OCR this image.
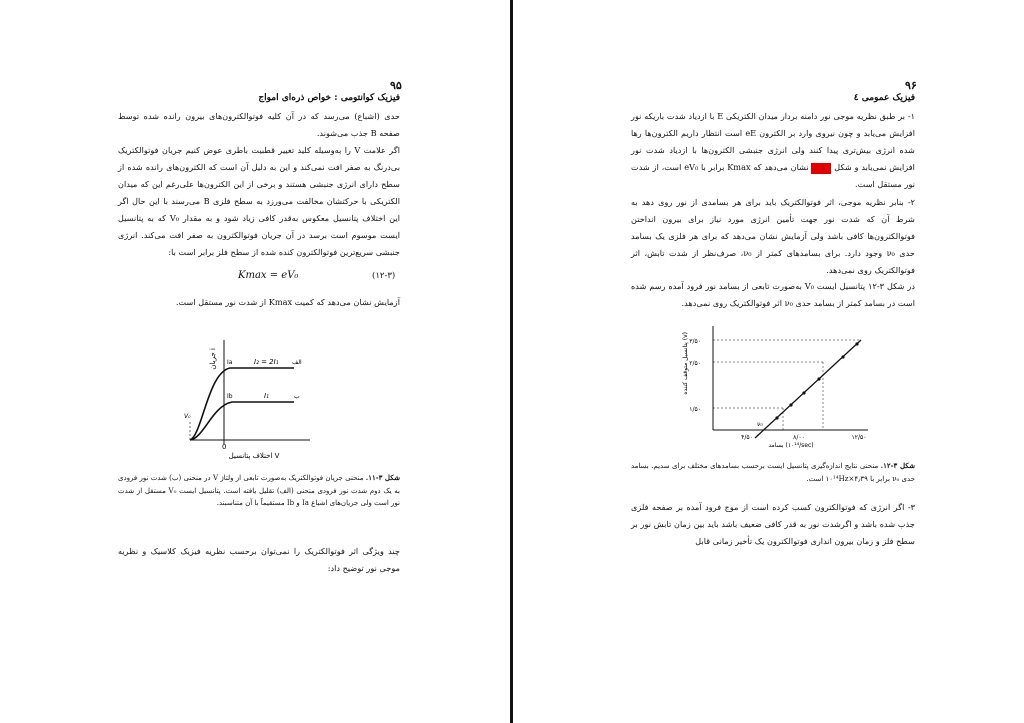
۹۵
فیزیک کوانتومی : خواص ذره‌ای امواج
حدی (اشباع) می‌رسد که در آن کلیه فوتوالکترون‌های بیرون رانده شده توسط صفحه B جذب می‌شوند.
اگر علامت V را به‌وسیله کلید تغییر قطبیت باطری عوض کنیم جریان فوتوالکتریک بی‌درنگ به صفر افت نمی‌کند و این به دلیل آن است که الکترون‌های رانده شده از سطح دارای انرژی جنبشی هستند و برخی از این الکترون‌ها علی‌رغم این که میدان الکتریکی با حرکتشان مخالفت می‌ورزد به سطح فلزی B می‌رسند با این حال اگر این اختلاف پتانسیل معکوس به‌قدر کافی زیاد شود و به مقدار V₀ که به پتانسیل ایست موسوم است برسد در آن جریان فوتوالکترون به صفر افت می‌کند. انرژی جنبشی سریع‌ترین فوتوالکترون کنده شده از سطح فلز برابر است با:
Kmax = eV₀	(۱۲-۳)
آزمایش نشان می‌دهد که کمیت Kmax از شدت نور مستقل است.
جریان i
Ia
Ib
I₂ = 2I₁
I₁
الف
ب
V₀
0
اختلاف پتانسیل V
شکل ۳-۱۱. منحنی جریان فوتوالکتریک به‌صورت تابعی از ولتاژ V در منحنی (ب) شدت نور فرودی به یک دوم شدت نور فرودی منحنی (الف) تقلیل یافته است. پتانسیل ایست V₀ مستقل از شدت نور است ولی جریان‌های اشباع Ia و Ib مستقیماً با آن متناسبند.
چند ویژگی اثر فوتوالکتریک را نمی‌توان برحسب نظریه فیزیک کلاسیک و نظریه موجی نور توضیح داد:
۹۶
فیزیک عمومی ٤
۱- بر طبق نظریه موجی نور دامنه بردار میدان الکتریکی E با ازدیاد شدت باریکه نور افزایش می‌یابد و چون نیروی وارد بر الکترون eE است انتظار داریم الکترون‌ها رها شده انرژی بیش‌تری پیدا کنند ولی انرژی جنبشی الکترون‌ها با ازدیاد شدت نور افزایش نمی‌یابد و شکل  نشان می‌دهد که Kmax برابر با eV₀ است، از شدت نور مستقل است.
۲- بنابر نظریه موجی، اثر فوتوالکتریک باید برای هر بسامدی از نور روی دهد به شرط آن که شدت نور جهت تأمین انرژی مورد نیاز برای بیرون انداختن فوتوالکترون‌ها کافی باشد ولی آزمایش نشان می‌دهد که برای هر فلزی یک بسامد حدی ν₀ وجود دارد. برای بسامدهای کمتر از ν₀، صرف‌نظر از شدت تابش، اثر فوتوالکتریک روی نمی‌دهد.
در شکل ۳-۱۲ پتانسیل ایست V₀ به‌صورت تابعی از بسامد نور فرود آمده رسم شده است در بسامد کمتر از بسامد حدی ν₀ اثر فوتوالکتریک روی نمی‌دهد.
۳/۵۰
۲/۵۰
۱/۵۰
۴/۵۰	۸/۰۰	۱۲/۵۰
ν₀
پتانسیل متوقف کننده (v)
بسامد (۱۰¹⁴/sec)
شکل ۳-۱۲. منحنی نتایج اندازه‌گیری پتانسیل ایست برحسب بسامدهای مختلف برای سدیم. بسامد حدی ν₀ برابر با ۴٫۳۹×۱۰¹⁴Hz است.
۳- اگر انرژی که فوتوالکترون کسب کرده است از موج فرود آمده بر صفحه فلزی جذب شده باشد و اگرشدت نور به قدر کافی ضعیف باشد باید بین زمان تابش نور بر سطح فلز و زمان بیرون انداری فوتوالکترون یک تأخیر زمانی قابل
